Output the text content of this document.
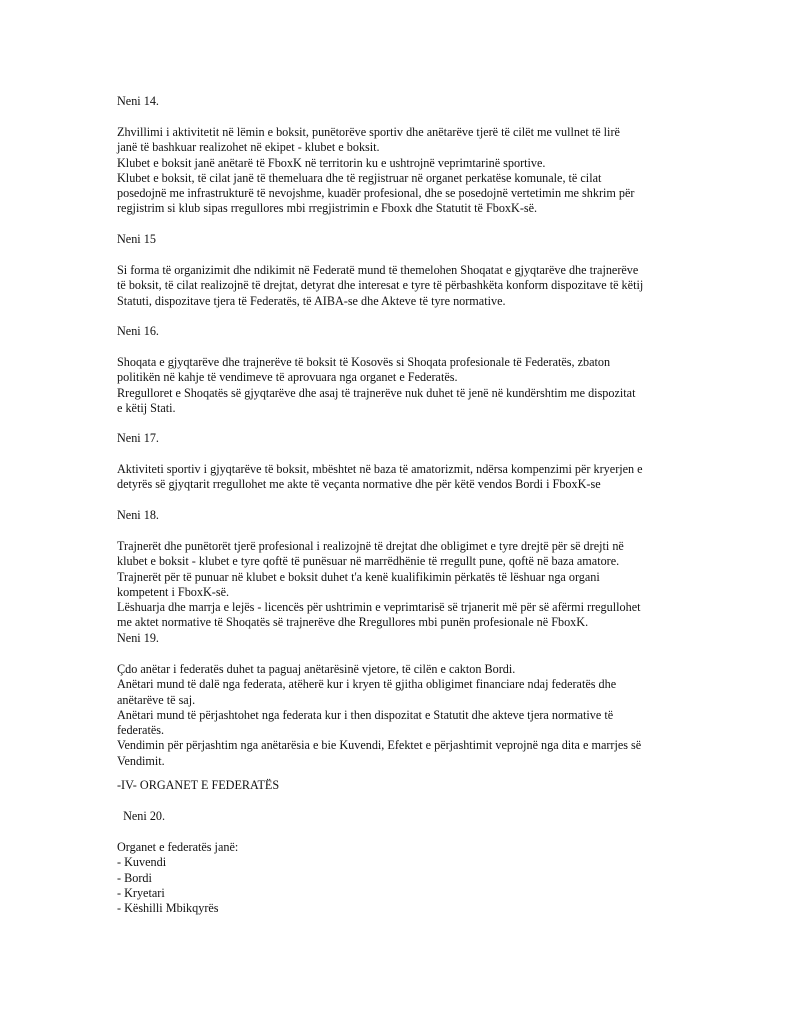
Neni 14.

Zhvillimi i aktivitetit në lëmin e boksit, punëtorëve sportiv dhe anëtarëve tjerë të cilët me vullnet të lirë

janë të bashkuar realizohet në ekipet - klubet e boksit.

Klubet e boksit janë anëtarë të FboxK në territorin ku e ushtrojnë veprimtarinë sportive.

Klubet e boksit, të cilat janë të themeluara dhe të regjistruar në organet perkatëse komunale, të cilat

posedojnë me infrastrukturë të nevojshme, kuadër profesional, dhe se posedojnë vertetimin me shkrim për

regjistrim si klub sipas rregullores mbi rregjistrimin e Fboxk dhe Statutit të FboxK-së.

Neni 15

Si forma të organizimit dhe ndikimit në Federatë mund të themelohen Shoqatat e gjyqtarëve dhe trajnerëve

të boksit, të cilat realizojnë të drejtat, detyrat dhe interesat e tyre të përbashkëta konform dispozitave të këtij

Statuti, dispozitave tjera të Federatës, të AIBA-se dhe Akteve të tyre normative.

Neni 16.

Shoqata e gjyqtarëve dhe trajnerëve të boksit të Kosovës si Shoqata profesionale të Federatës, zbaton

politikën në kahje të vendimeve të aprovuara nga organet e Federatës.

Rregulloret e Shoqatës së gjyqtarëve dhe asaj të trajnerëve nuk duhet të jenë në kundërshtim me dispozitat

e këtij Stati.

Neni 17.

Aktiviteti sportiv i gjyqtarëve të boksit, mbështet në baza të amatorizmit, ndërsa kompenzimi për kryerjen e

detyrës së gjyqtarit rregullohet me akte të veçanta normative dhe për këtë vendos Bordi i FboxK-se

Neni 18.

Trajnerët dhe punëtorët tjerë profesional i realizojnë të drejtat dhe obligimet e tyre drejtë për së drejti në

klubet e boksit - klubet e tyre qoftë të punësuar në marrëdhënie të rregullt pune, qoftë në baza amatore.

Trajnerët për të punuar në klubet e boksit duhet t'a kenë kualifikimin përkatës të lëshuar nga organi

kompetent i FboxK-së.

Lëshuarja dhe marrja e lejës - licencës për ushtrimin e veprimtarisë së trjanerit më për së afërmi rregullohet

me aktet normative të Shoqatës së trajnerëve dhe Rregullores mbi punën profesionale në FboxK.

Neni 19.

Çdo anëtar i federatës duhet ta paguaj anëtarësinë vjetore, të cilën e cakton Bordi.

Anëtari mund të dalë nga federata, atëherë kur i kryen të gjitha obligimet financiare ndaj federatës dhe

anëtarëve të saj.

Anëtari mund të përjashtohet nga federata kur i then dispozitat e Statutit dhe akteve tjera normative të

federatës.

Vendimin për përjashtim nga anëtarësia e bie Kuvendi, Efektet e përjashtimit veprojnë nga dita e marrjes së

Vendimit.

-IV- ORGANET E FEDERATËS

Neni 20.

Organet e federatës janë:

- Kuvendi

- Bordi

- Kryetari

- Këshilli Mbikqyrës
